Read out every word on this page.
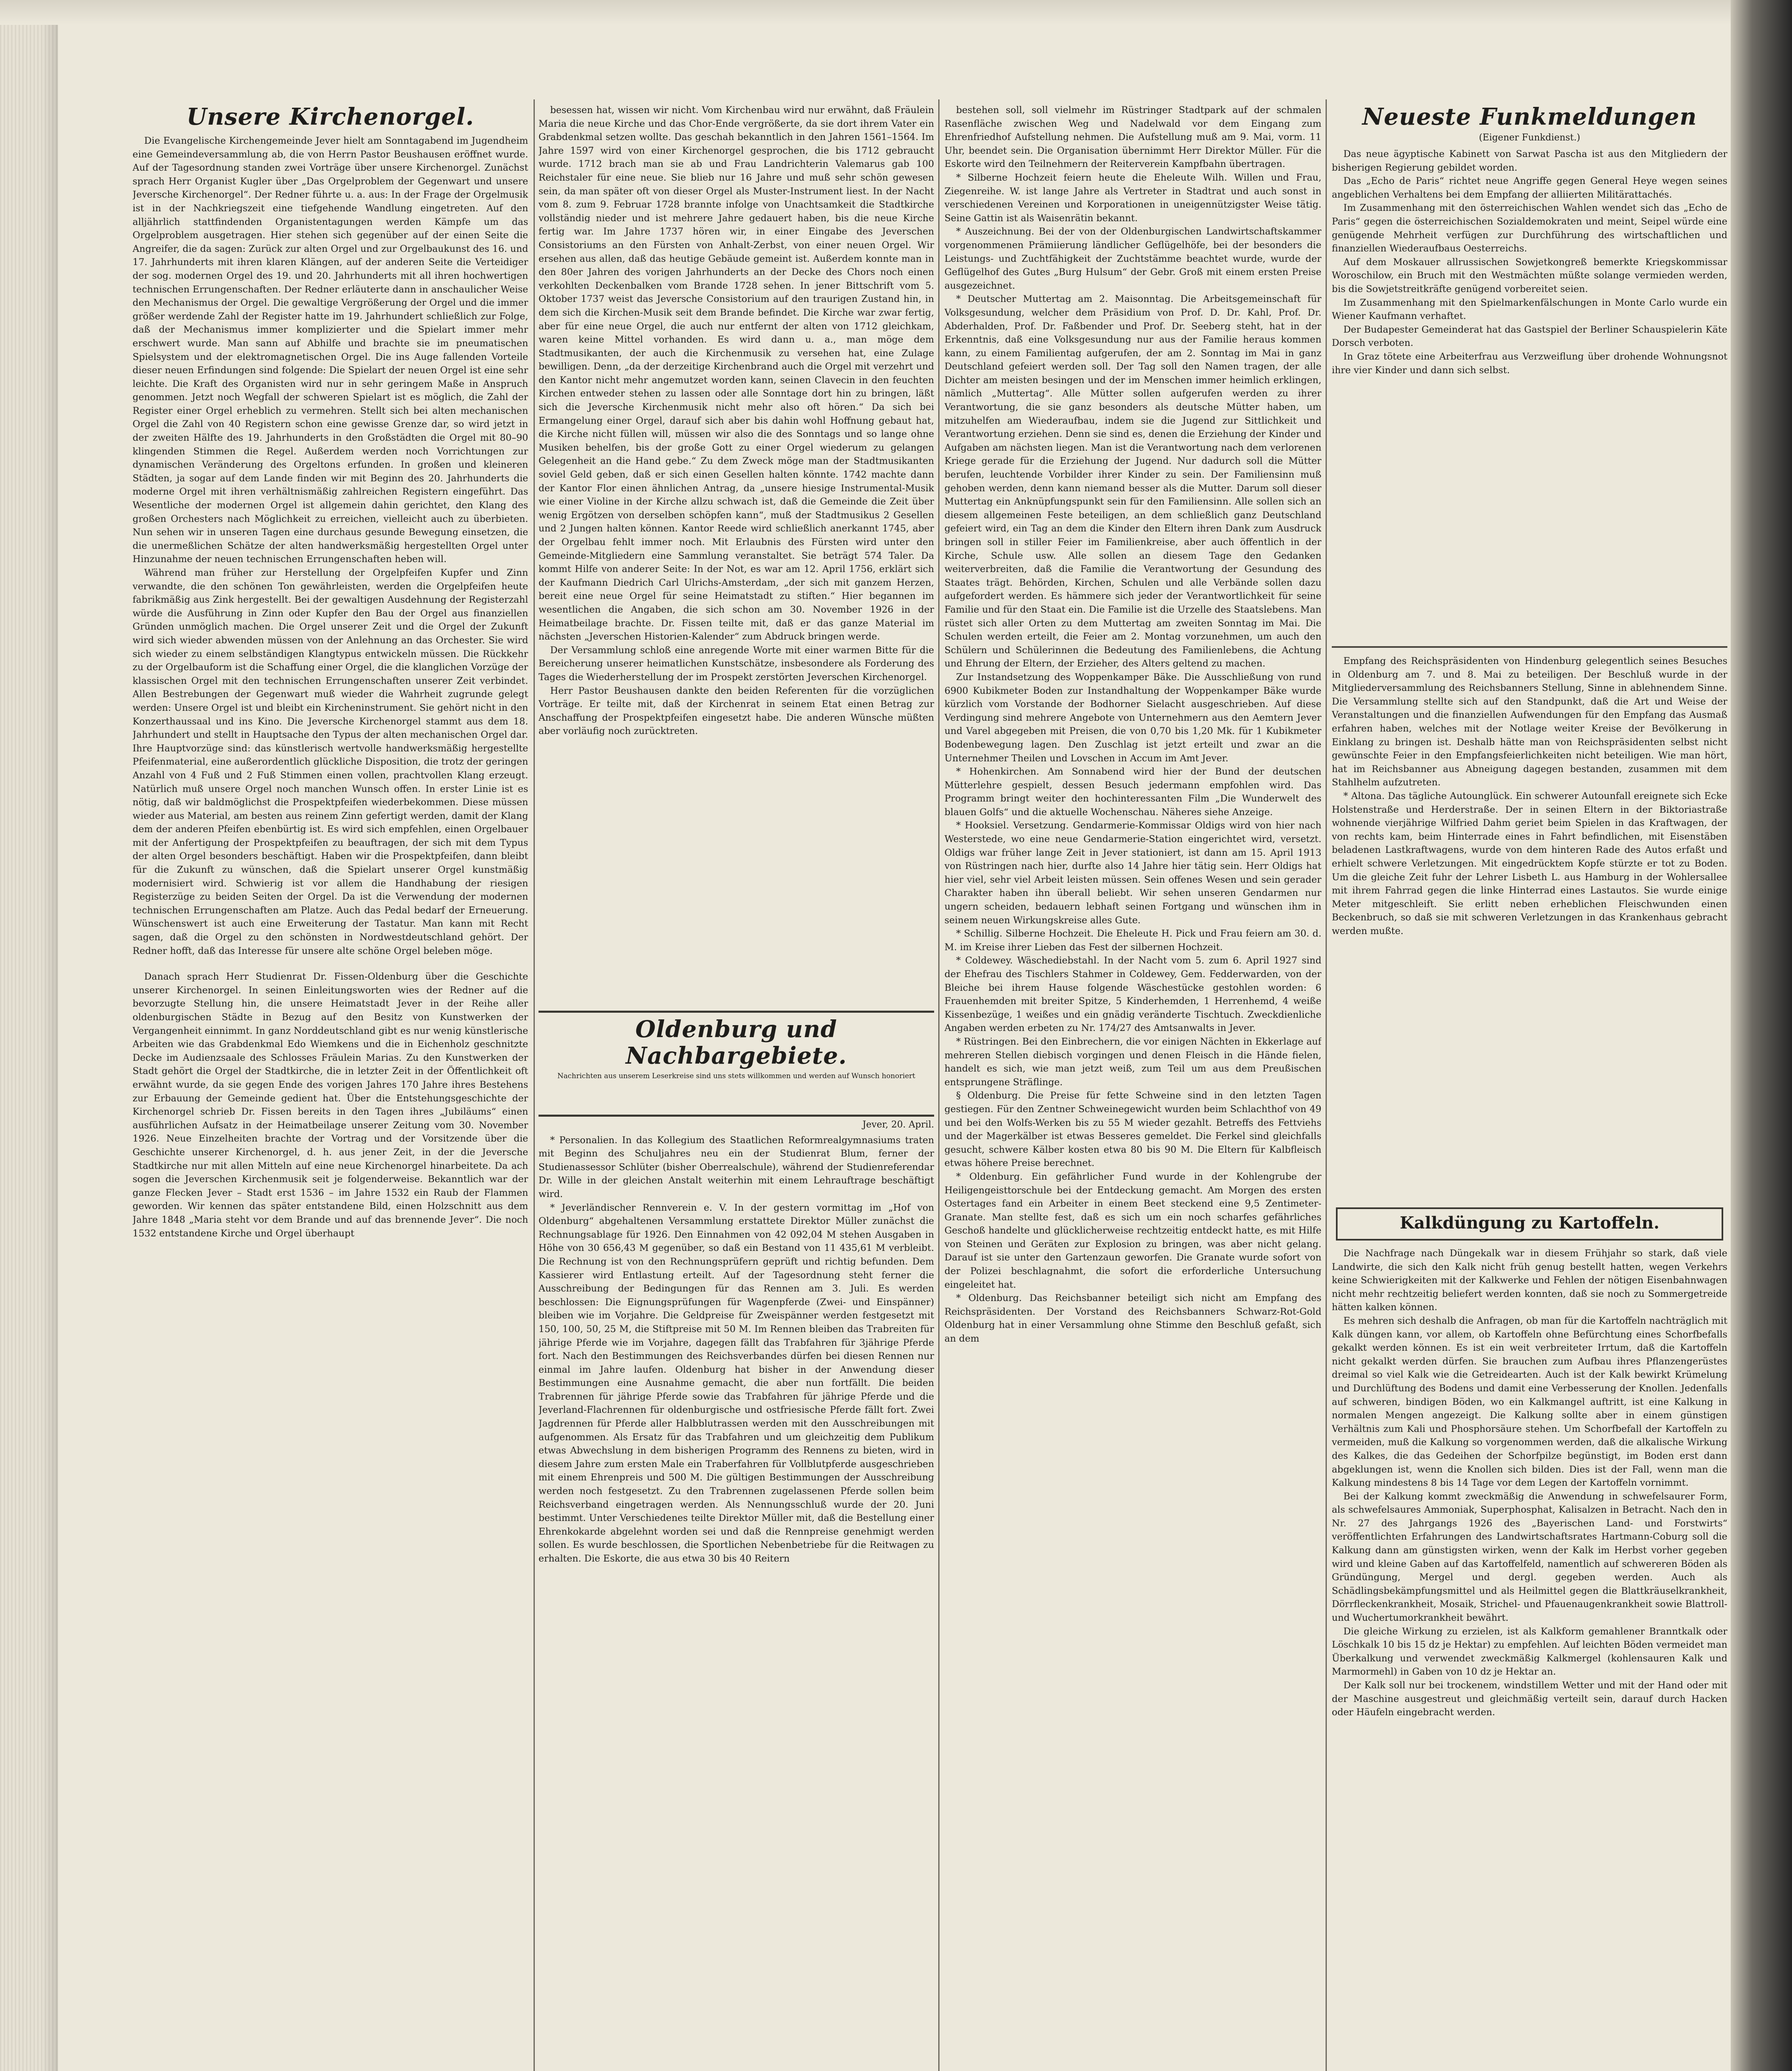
Unsere Kirchenorgel.

Die Evangelische Kirchengemeinde Jever hielt am Sonntagabend im Jugendheim eine Gemeindeversammlung ab, die von Herrn Pastor Beushausen eröffnet wurde. Auf der Tagesordnung standen zwei Vorträge über unsere Kirchenorgel. Zunächst sprach Herr Organist Kugler über „Das Orgelproblem der Gegenwart und unsere Jeversche Kirchenorgel“. Der Redner führte u. a. aus: In der Frage der Orgelmusik ist in der Nachkriegszeit eine tiefgehende Wandlung eingetreten. Auf den alljährlich stattfindenden Organistentagungen werden Kämpfe um das Orgelproblem ausgetragen. Hier stehen sich gegenüber auf der einen Seite die Angreifer, die da sagen: Zurück zur alten Orgel und zur Orgelbaukunst des 16. und 17. Jahrhunderts mit ihren klaren Klängen, auf der anderen Seite die Verteidiger der sog. modernen Orgel des 19. und 20. Jahrhunderts mit all ihren hochwertigen technischen Errungenschaften. Der Redner erläuterte dann in anschaulicher Weise den Mechanismus der Orgel. Die gewaltige Vergrößerung der Orgel und die immer größer werdende Zahl der Register hatte im 19. Jahrhundert schließlich zur Folge, daß der Mechanismus immer komplizierter und die Spielart immer mehr erschwert wurde. Man sann auf Abhilfe und brachte sie im pneumatischen Spielsystem und der elektromagnetischen Orgel. Die ins Auge fallenden Vorteile dieser neuen Erfindungen sind folgende: Die Spielart der neuen Orgel ist eine sehr leichte. Die Kraft des Organisten wird nur in sehr geringem Maße in Anspruch genommen. Jetzt noch Wegfall der schweren Spielart ist es möglich, die Zahl der Register einer Orgel erheblich zu vermehren. Stellt sich bei alten mechanischen Orgel die Zahl von 40 Registern schon eine gewisse Grenze dar, so wird jetzt in der zweiten Hälfte des 19. Jahrhunderts in den Großstädten die Orgel mit 80–90 klingenden Stimmen die Regel. Außerdem werden noch Vorrichtungen zur dynamischen Veränderung des Orgeltons erfunden. In großen und kleineren Städten, ja sogar auf dem Lande finden wir mit Beginn des 20. Jahrhunderts die moderne Orgel mit ihren verhältnismäßig zahlreichen Registern eingeführt. Das Wesentliche der modernen Orgel ist allgemein dahin gerichtet, den Klang des großen Orchesters nach Möglichkeit zu erreichen, vielleicht auch zu überbieten. Nun sehen wir in unseren Tagen eine durchaus gesunde Bewegung einsetzen, die die unermeßlichen Schätze der alten handwerksmäßig hergestellten Orgel unter Hinzunahme der neuen technischen Errungenschaften heben will.

Während man früher zur Herstellung der Orgelpfeifen Kupfer und Zinn verwandte, die den schönen Ton gewährleisten, werden die Orgelpfeifen heute fabrikmäßig aus Zink hergestellt. Bei der gewaltigen Ausdehnung der Registerzahl würde die Ausführung in Zinn oder Kupfer den Bau der Orgel aus finanziellen Gründen unmöglich machen. Die Orgel unserer Zeit und die Orgel der Zukunft wird sich wieder abwenden müssen von der Anlehnung an das Orchester. Sie wird sich wieder zu einem selbständigen Klangtypus entwickeln müssen. Die Rückkehr zu der Orgelbauform ist die Schaffung einer Orgel, die die klanglichen Vorzüge der klassischen Orgel mit den technischen Errungenschaften unserer Zeit verbindet. Allen Bestrebungen der Gegenwart muß wieder die Wahrheit zugrunde gelegt werden: Unsere Orgel ist und bleibt ein Kircheninstrument. Sie gehört nicht in den Konzerthaussaal und ins Kino. Die Jeversche Kirchenorgel stammt aus dem 18. Jahrhundert und stellt in Hauptsache den Typus der alten mechanischen Orgel dar. Ihre Hauptvorzüge sind: das künstlerisch wertvolle handwerksmäßig hergestellte Pfeifenmaterial, eine außerordentlich glückliche Disposition, die trotz der geringen Anzahl von 4 Fuß und 2 Fuß Stimmen einen vollen, prachtvollen Klang erzeugt. Natürlich muß unsere Orgel noch manchen Wunsch offen. In erster Linie ist es nötig, daß wir baldmöglichst die Prospektpfeifen wiederbekommen. Diese müssen wieder aus Material, am besten aus reinem Zinn gefertigt werden, damit der Klang dem der anderen Pfeifen ebenbürtig ist. Es wird sich empfehlen, einen Orgelbauer mit der Anfertigung der Prospektpfeifen zu beauftragen, der sich mit dem Typus der alten Orgel besonders beschäftigt. Haben wir die Prospektpfeifen, dann bleibt für die Zukunft zu wünschen, daß die Spielart unserer Orgel kunstmäßig modernisiert wird. Schwierig ist vor allem die Handhabung der riesigen Registerzüge zu beiden Seiten der Orgel. Da ist die Verwendung der modernen technischen Errungenschaften am Platze. Auch das Pedal bedarf der Erneuerung. Wünschenswert ist auch eine Erweiterung der Tastatur. Man kann mit Recht sagen, daß die Orgel zu den schönsten in Nordwestdeutschland gehört. Der Redner hofft, daß das Interesse für unsere alte schöne Orgel beleben möge.

Danach sprach Herr Studienrat Dr. Fissen-Oldenburg über die Geschichte unserer Kirchenorgel. In seinen Einleitungsworten wies der Redner auf die bevorzugte Stellung hin, die unsere Heimatstadt Jever in der Reihe aller oldenburgischen Städte in Bezug auf den Besitz von Kunstwerken der Vergangenheit einnimmt. In ganz Norddeutschland gibt es nur wenig künstlerische Arbeiten wie das Grabdenkmal Edo Wiemkens und die in Eichenholz geschnitzte Decke im Audienzsaale des Schlosses Fräulein Marias. Zu den Kunstwerken der Stadt gehört die Orgel der Stadtkirche, die in letzter Zeit in der Öffentlichkeit oft erwähnt wurde, da sie gegen Ende des vorigen Jahres 170 Jahre ihres Bestehens zur Erbauung der Gemeinde gedient hat. Über die Entstehungsgeschichte der Kirchenorgel schrieb Dr. Fissen bereits in den Tagen ihres „Jubiläums“ einen ausführlichen Aufsatz in der Heimatbeilage unserer Zeitung vom 30. November 1926. Neue Einzelheiten brachte der Vortrag und der Vorsitzende über die Geschichte unserer Kirchenorgel, d. h. aus jener Zeit, in der die Jeversche Stadtkirche nur mit allen Mitteln auf eine neue Kirchenorgel hinarbeitete. Da ach sogen die Jeverschen Kirchenmusik seit je folgenderweise. Bekanntlich war der ganze Flecken Jever – Stadt erst 1536 – im Jahre 1532 ein Raub der Flammen geworden. Wir kennen das später entstandene Bild, einen Holzschnitt aus dem Jahre 1848 „Maria steht vor dem Brande und auf das brennende Jever“. Die noch 1532 entstandene Kirche und Orgel überhaupt

besessen hat, wissen wir nicht. Vom Kirchenbau wird nur erwähnt, daß Fräulein Maria die neue Kirche und das Chor-Ende vergrößerte, da sie dort ihrem Vater ein Grabdenkmal setzen wollte. Das geschah bekanntlich in den Jahren 1561–1564. Im Jahre 1597 wird von einer Kirchenorgel gesprochen, die bis 1712 gebraucht wurde. 1712 brach man sie ab und Frau Landrichterin Valemarus gab 100 Reichstaler für eine neue. Sie blieb nur 16 Jahre und muß sehr schön gewesen sein, da man später oft von dieser Orgel als Muster-Instrument liest. In der Nacht vom 8. zum 9. Februar 1728 brannte infolge von Unachtsamkeit die Stadtkirche vollständig nieder und ist mehrere Jahre gedauert haben, bis die neue Kirche fertig war. Im Jahre 1737 hören wir, in einer Eingabe des Jeverschen Consistoriums an den Fürsten von Anhalt-Zerbst, von einer neuen Orgel. Wir ersehen aus allen, daß das heutige Gebäude gemeint ist. Außerdem konnte man in den 80er Jahren des vorigen Jahrhunderts an der Decke des Chors noch einen verkohlten Deckenbalken vom Brande 1728 sehen. In jener Bittschrift vom 5. Oktober 1737 weist das Jeversche Consistorium auf den traurigen Zustand hin, in dem sich die Kirchen-Musik seit dem Brande befindet. Die Kirche war zwar fertig, aber für eine neue Orgel, die auch nur entfernt der alten von 1712 gleichkam, waren keine Mittel vorhanden. Es wird dann u. a., man möge dem Stadtmusikanten, der auch die Kirchenmusik zu versehen hat, eine Zulage bewilligen. Denn, „da der derzeitige Kirchenbrand auch die Orgel mit verzehrt und den Kantor nicht mehr angemutzet worden kann, seinen Clavecin in den feuchten Kirchen entweder stehen zu lassen oder alle Sonntage dort hin zu bringen, läßt sich die Jeversche Kirchenmusik nicht mehr also oft hören.“ Da sich bei Ermangelung einer Orgel, darauf sich aber bis dahin wohl Hoffnung gebaut hat, die Kirche nicht füllen will, müssen wir also die des Sonntags und so lange ohne Musiken behelfen, bis der große Gott zu einer Orgel wiederum zu gelangen Gelegenheit an die Hand gebe.“ Zu dem Zweck möge man der Stadtmusikanten soviel Geld geben, daß er sich einen Gesellen halten könnte. 1742 machte dann der Kantor Flor einen ähnlichen Antrag, da „unsere hiesige Instrumental-Musik wie einer Violine in der Kirche allzu schwach ist, daß die Gemeinde die Zeit über wenig Ergötzen von derselben schöpfen kann“, muß der Stadtmusikus 2 Gesellen und 2 Jungen halten können. Kantor Reede wird schließlich anerkannt 1745, aber der Orgelbau fehlt immer noch. Mit Erlaubnis des Fürsten wird unter den Gemeinde-Mitgliedern eine Sammlung veranstaltet. Sie beträgt 574 Taler. Da kommt Hilfe von anderer Seite: In der Not, es war am 12. April 1756, erklärt sich der Kaufmann Diedrich Carl Ulrichs-Amsterdam, „der sich mit ganzem Herzen, bereit eine neue Orgel für seine Heimatstadt zu stiften.“ Hier begannen im wesentlichen die Angaben, die sich schon am 30. November 1926 in der Heimatbeilage brachte. Dr. Fissen teilte mit, daß er das ganze Material im nächsten „Jeverschen Historien-Kalender“ zum Abdruck bringen werde.

Der Versammlung schloß eine anregende Worte mit einer warmen Bitte für die Bereicherung unserer heimatlichen Kunstschätze, insbesondere als Forderung des Tages die Wiederherstellung der im Prospekt zerstörten Jeverschen Kirchenorgel.

Herr Pastor Beushausen dankte den beiden Referenten für die vorzüglichen Vorträge. Er teilte mit, daß der Kirchenrat in seinem Etat einen Betrag zur Anschaffung der Prospektpfeifen eingesetzt habe. Die anderen Wünsche müßten aber vorläufig noch zurücktreten.

Oldenburg und Nachbargebiete.
Nachrichten aus unserem Leserkreise sind uns stets willkommen und werden auf Wunsch honoriert
Jever, 20. April.

* Personalien. In das Kollegium des Staatlichen Reformrealgymnasiums traten mit Beginn des Schuljahres neu ein der Studienrat Blum, ferner der Studienassessor Schlüter (bisher Oberrealschule), während der Studienreferendar Dr. Wille in der gleichen Anstalt weiterhin mit einem Lehrauftrage beschäftigt wird.

* Jeverländischer Rennverein e. V. In der gestern vormittag im „Hof von Oldenburg“ abgehaltenen Versammlung erstattete Direktor Müller zunächst die Rechnungsablage für 1926. Den Einnahmen von 42 092,04 M stehen Ausgaben in Höhe von 30 656,43 M gegenüber, so daß ein Bestand von 11 435,61 M verbleibt. Die Rechnung ist von den Rechnungsprüfern geprüft und richtig befunden. Dem Kassierer wird Entlastung erteilt. Auf der Tagesordnung steht ferner die Ausschreibung der Bedingungen für das Rennen am 3. Juli. Es werden beschlossen: Die Eignungsprüfungen für Wagenpferde (Zwei- und Einspänner) bleiben wie im Vorjahre. Die Geldpreise für Zweispänner werden festgesetzt mit 150, 100, 50, 25 M, die Stiftpreise mit 50 M. Im Rennen bleiben das Trabreiten für jährige Pferde wie im Vorjahre, dagegen fällt das Trabfahren für 3jährige Pferde fort. Nach den Bestimmungen des Reichsverbandes dürfen bei diesen Rennen nur einmal im Jahre laufen. Oldenburg hat bisher in der Anwendung dieser Bestimmungen eine Ausnahme gemacht, die aber nun fortfällt. Die beiden Trabrennen für jährige Pferde sowie das Trabfahren für jährige Pferde und die Jeverland-Flachrennen für oldenburgische und ostfriesische Pferde fällt fort. Zwei Jagdrennen für Pferde aller Halbblutrassen werden mit den Ausschreibungen mit aufgenommen. Als Ersatz für das Trabfahren und um gleichzeitig dem Publikum etwas Abwechslung in dem bisherigen Programm des Rennens zu bieten, wird in diesem Jahre zum ersten Male ein Traberfahren für Vollblutpferde ausgeschrieben mit einem Ehrenpreis und 500 M. Die gültigen Bestimmungen der Ausschreibung werden noch festgesetzt. Zu den Trabrennen zugelassenen Pferde sollen beim Reichsverband eingetragen werden. Als Nennungsschluß wurde der 20. Juni bestimmt. Unter Verschiedenes teilte Direktor Müller mit, daß die Bestellung einer Ehrenkokarde abgelehnt worden sei und daß die Rennpreise genehmigt werden sollen. Es wurde beschlossen, die Sportlichen Nebenbetriebe für die Reitwagen zu erhalten. Die Eskorte, die aus etwa 30 bis 40 Reitern

bestehen soll, soll vielmehr im Rüstringer Stadtpark auf der schmalen Rasenfläche zwischen Weg und Nadelwald vor dem Eingang zum Ehrenfriedhof Aufstellung nehmen. Die Aufstellung muß am 9. Mai, vorm. 11 Uhr, beendet sein. Die Organisation übernimmt Herr Direktor Müller. Für die Eskorte wird den Teilnehmern der Reiterverein Kampfbahn übertragen.

* Silberne Hochzeit feiern heute die Eheleute Wilh. Willen und Frau, Ziegenreihe. W. ist lange Jahre als Vertreter in Stadtrat und auch sonst in verschiedenen Vereinen und Korporationen in uneigennützigster Weise tätig. Seine Gattin ist als Waisenrätin bekannt.

* Auszeichnung. Bei der von der Oldenburgischen Landwirtschaftskammer vorgenommenen Prämiierung ländlicher Geflügelhöfe, bei der besonders die Leistungs- und Zuchtfähigkeit der Zuchtstämme beachtet wurde, wurde der Geflügelhof des Gutes „Burg Hulsum“ der Gebr. Groß mit einem ersten Preise ausgezeichnet.

* Deutscher Muttertag am 2. Maisonntag. Die Arbeitsgemeinschaft für Volksgesundung, welcher dem Präsidium von Prof. D. Dr. Kahl, Prof. Dr. Abderhalden, Prof. Dr. Faßbender und Prof. Dr. Seeberg steht, hat in der Erkenntnis, daß eine Volksgesundung nur aus der Familie heraus kommen kann, zu einem Familientag aufgerufen, der am 2. Sonntag im Mai in ganz Deutschland gefeiert werden soll. Der Tag soll den Namen tragen, der alle Dichter am meisten besingen und der im Menschen immer heimlich erklingen, nämlich „Muttertag“. Alle Mütter sollen aufgerufen werden zu ihrer Verantwortung, die sie ganz besonders als deutsche Mütter haben, um mitzuhelfen am Wiederaufbau, indem sie die Jugend zur Sittlichkeit und Verantwortung erziehen. Denn sie sind es, denen die Erziehung der Kinder und Aufgaben am nächsten liegen. Man ist die Verantwortung nach dem verlorenen Kriege gerade für die Erziehung der Jugend. Nur dadurch soll die Mütter berufen, leuchtende Vorbilder ihrer Kinder zu sein. Der Familiensinn muß gehoben werden, denn kann niemand besser als die Mutter. Darum soll dieser Muttertag ein Anknüpfungspunkt sein für den Familiensinn. Alle sollen sich an diesem allgemeinen Feste beteiligen, an dem schließlich ganz Deutschland gefeiert wird, ein Tag an dem die Kinder den Eltern ihren Dank zum Ausdruck bringen soll in stiller Feier im Familienkreise, aber auch öffentlich in der Kirche, Schule usw. Alle sollen an diesem Tage den Gedanken weiterverbreiten, daß die Familie die Verantwortung der Gesundung des Staates trägt. Behörden, Kirchen, Schulen und alle Verbände sollen dazu aufgefordert werden. Es hämmere sich jeder der Verantwortlichkeit für seine Familie und für den Staat ein. Die Familie ist die Urzelle des Staatslebens. Man rüstet sich aller Orten zu dem Muttertag am zweiten Sonntag im Mai. Die Schulen werden erteilt, die Feier am 2. Montag vorzunehmen, um auch den Schülern und Schülerinnen die Bedeutung des Familienlebens, die Achtung und Ehrung der Eltern, der Erzieher, des Alters geltend zu machen.

Zur Instandsetzung des Woppenkamper Bäke. Die Ausschließung von rund 6900 Kubikmeter Boden zur Instandhaltung der Woppenkamper Bäke wurde kürzlich vom Vorstande der Bodhorner Sielacht ausgeschrieben. Auf diese Verdingung sind mehrere Angebote von Unternehmern aus den Aemtern Jever und Varel abgegeben mit Preisen, die von 0,70 bis 1,20 Mk. für 1 Kubikmeter Bodenbewegung lagen. Den Zuschlag ist jetzt erteilt und zwar an die Unternehmer Theilen und Lovschen in Accum im Amt Jever.

* Hohenkirchen. Am Sonnabend wird hier der Bund der deutschen Mütterlehre gespielt, dessen Besuch jedermann empfohlen wird. Das Programm bringt weiter den hochinteressanten Film „Die Wunderwelt des blauen Golfs“ und die aktuelle Wochenschau. Näheres siehe Anzeige.

* Hooksiel. Versetzung. Gendarmerie-Kommissar Oldigs wird von hier nach Westerstede, wo eine neue Gendarmerie-Station eingerichtet wird, versetzt. Oldigs war früher lange Zeit in Jever stationiert, ist dann am 15. April 1913 von Rüstringen nach hier, durfte also 14 Jahre hier tätig sein. Herr Oldigs hat hier viel, sehr viel Arbeit leisten müssen. Sein offenes Wesen und sein gerader Charakter haben ihn überall beliebt. Wir sehen unseren Gendarmen nur ungern scheiden, bedauern lebhaft seinen Fortgang und wünschen ihm in seinem neuen Wirkungskreise alles Gute.

* Schillig. Silberne Hochzeit. Die Eheleute H. Pick und Frau feiern am 30. d. M. im Kreise ihrer Lieben das Fest der silbernen Hochzeit.

* Coldewey. Wäschediebstahl. In der Nacht vom 5. zum 6. April 1927 sind der Ehefrau des Tischlers Stahmer in Coldewey, Gem. Fedderwarden, von der Bleiche bei ihrem Hause folgende Wäschestücke gestohlen worden: 6 Frauenhemden mit breiter Spitze, 5 Kinderhemden, 1 Herrenhemd, 4 weiße Kissenbezüge, 1 weißes und ein gnädig veränderte Tischtuch. Zweckdienliche Angaben werden erbeten zu Nr. 174/27 des Amtsanwalts in Jever.

* Rüstringen. Bei den Einbrechern, die vor einigen Nächten in Ekkerlage auf mehreren Stellen diebisch vorgingen und denen Fleisch in die Hände fielen, handelt es sich, wie man jetzt weiß, zum Teil um aus dem Preußischen entsprungene Sträflinge.

§ Oldenburg. Die Preise für fette Schweine sind in den letzten Tagen gestiegen. Für den Zentner Schweinegewicht wurden beim Schlachthof von 49 und bei den Wolfs-Werken bis zu 55 M wieder gezahlt. Betreffs des Fettviehs und der Magerkälber ist etwas Besseres gemeldet. Die Ferkel sind gleichfalls gesucht, schwere Kälber kosten etwa 80 bis 90 M. Die Eltern für Kalbfleisch etwas höhere Preise berechnet.

* Oldenburg. Ein gefährlicher Fund wurde in der Kohlengrube der Heiligengeisttorschule bei der Entdeckung gemacht. Am Morgen des ersten Ostertages fand ein Arbeiter in einem Beet steckend eine 9,5 Zentimeter-Granate. Man stellte fest, daß es sich um ein noch scharfes gefährliches Geschoß handelte und glücklicherweise rechtzeitig entdeckt hatte, es mit Hilfe von Steinen und Geräten zur Explosion zu bringen, was aber nicht gelang. Darauf ist sie unter den Gartenzaun geworfen. Die Granate wurde sofort von der Polizei beschlagnahmt, die sofort die erforderliche Untersuchung eingeleitet hat.

* Oldenburg. Das Reichsbanner beteiligt sich nicht am Empfang des Reichspräsidenten. Der Vorstand des Reichsbanners Schwarz-Rot-Gold Oldenburg hat in einer Versammlung ohne Stimme den Beschluß gefaßt, sich an dem

Neueste Funkmeldungen
(Eigener Funkdienst.)

Das neue ägyptische Kabinett von Sarwat Pascha ist aus den Mitgliedern der bisherigen Regierung gebildet worden.

Das „Echo de Paris“ richtet neue Angriffe gegen General Heye wegen seines angeblichen Verhaltens bei dem Empfang der alliierten Militärattachés.

Im Zusammenhang mit den österreichischen Wahlen wendet sich das „Echo de Paris“ gegen die österreichischen Sozialdemokraten und meint, Seipel würde eine genügende Mehrheit verfügen zur Durchführung des wirtschaftlichen und finanziellen Wiederaufbaus Oesterreichs.

Auf dem Moskauer allrussischen Sowjetkongreß bemerkte Kriegskommissar Woroschilow, ein Bruch mit den Westmächten müßte solange vermieden werden, bis die Sowjetstreitkräfte genügend vorbereitet seien.

Im Zusammenhang mit den Spielmarkenfälschungen in Monte Carlo wurde ein Wiener Kaufmann verhaftet.

Der Budapester Gemeinderat hat das Gastspiel der Berliner Schauspielerin Käte Dorsch verboten.

In Graz tötete eine Arbeiterfrau aus Verzweiflung über drohende Wohnungsnot ihre vier Kinder und dann sich selbst.

Empfang des Reichspräsidenten von Hindenburg gelegentlich seines Besuches in Oldenburg am 7. und 8. Mai zu beteiligen. Der Beschluß wurde in der Mitgliederversammlung des Reichsbanners Stellung, Sinne in ablehnendem Sinne. Die Versammlung stellte sich auf den Standpunkt, daß die Art und Weise der Veranstaltungen und die finanziellen Aufwendungen für den Empfang das Ausmaß erfahren haben, welches mit der Notlage weiter Kreise der Bevölkerung in Einklang zu bringen ist. Deshalb hätte man von Reichspräsidenten selbst nicht gewünschte Feier in den Empfangsfeierlichkeiten nicht beteiligen. Wie man hört, hat im Reichsbanner aus Abneigung dagegen bestanden, zusammen mit dem Stahlhelm aufzutreten.

* Altona. Das tägliche Autounglück. Ein schwerer Autounfall ereignete sich Ecke Holstenstraße und Herderstraße. Der in seinen Eltern in der Biktoriastraße wohnende vierjährige Wilfried Dahm geriet beim Spielen in das Kraftwagen, der von rechts kam, beim Hinterrade eines in Fahrt befindlichen, mit Eisenstäben beladenen Lastkraftwagens, wurde von dem hinteren Rade des Autos erfaßt und erhielt schwere Verletzungen. Mit eingedrücktem Kopfe stürzte er tot zu Boden. Um die gleiche Zeit fuhr der Lehrer Lisbeth L. aus Hamburg in der Wohlersallee mit ihrem Fahrrad gegen die linke Hinterrad eines Lastautos. Sie wurde einige Meter mitgeschleift. Sie erlitt neben erheblichen Fleischwunden einen Beckenbruch, so daß sie mit schweren Verletzungen in das Krankenhaus gebracht werden mußte.

Kalkdüngung zu Kartoffeln.

Die Nachfrage nach Düngekalk war in diesem Frühjahr so stark, daß viele Landwirte, die sich den Kalk nicht früh genug bestellt hatten, wegen Verkehrs keine Schwierigkeiten mit der Kalkwerke und Fehlen der nötigen Eisenbahnwagen nicht mehr rechtzeitig beliefert werden konnten, daß sie noch zu Sommergetreide hätten kalken können.

Es mehren sich deshalb die Anfragen, ob man für die Kartoffeln nachträglich mit Kalk düngen kann, vor allem, ob Kartoffeln ohne Befürchtung eines Schorfbefalls gekalkt werden können. Es ist ein weit verbreiteter Irrtum, daß die Kartoffeln nicht gekalkt werden dürfen. Sie brauchen zum Aufbau ihres Pflanzengerüstes dreimal so viel Kalk wie die Getreidearten. Auch ist der Kalk bewirkt Krümelung und Durchlüftung des Bodens und damit eine Verbesserung der Knollen. Jedenfalls auf schweren, bindigen Böden, wo ein Kalkmangel auftritt, ist eine Kalkung in normalen Mengen angezeigt. Die Kalkung sollte aber in einem günstigen Verhältnis zum Kali und Phosphorsäure stehen. Um Schorfbefall der Kartoffeln zu vermeiden, muß die Kalkung so vorgenommen werden, daß die alkalische Wirkung des Kalkes, die das Gedeihen der Schorfpilze begünstigt, im Boden erst dann abgeklungen ist, wenn die Knollen sich bilden. Dies ist der Fall, wenn man die Kalkung mindestens 8 bis 14 Tage vor dem Legen der Kartoffeln vornimmt.

Bei der Kalkung kommt zweckmäßig die Anwendung in schwefelsaurer Form, als schwefelsaures Ammoniak, Superphosphat, Kalisalzen in Betracht. Nach den in Nr. 27 des Jahrgangs 1926 des „Bayerischen Land- und Forstwirts“ veröffentlichten Erfahrungen des Landwirtschaftsrates Hartmann-Coburg soll die Kalkung dann am günstigsten wirken, wenn der Kalk im Herbst vorher gegeben wird und kleine Gaben auf das Kartoffelfeld, namentlich auf schwereren Böden als Gründüngung, Mergel und dergl. gegeben werden. Auch als Schädlingsbekämpfungsmittel und als Heilmittel gegen die Blattkräuselkrankheit, Dörrfleckenkrankheit, Mosaik, Strichel- und Pfauenaugenkrankheit sowie Blattroll- und Wuchertumorkrankheit bewährt.

Die gleiche Wirkung zu erzielen, ist als Kalkform gemahlener Branntkalk oder Löschkalk 10 bis 15 dz je Hektar) zu empfehlen. Auf leichten Böden vermeidet man Überkalkung und verwendet zweckmäßig Kalkmergel (kohlensauren Kalk und Marmormehl) in Gaben von 10 dz je Hektar an.

Der Kalk soll nur bei trockenem, windstillem Wetter und mit der Hand oder mit der Maschine ausgestreut und gleichmäßig verteilt sein, darauf durch Hacken oder Häufeln eingebracht werden.
